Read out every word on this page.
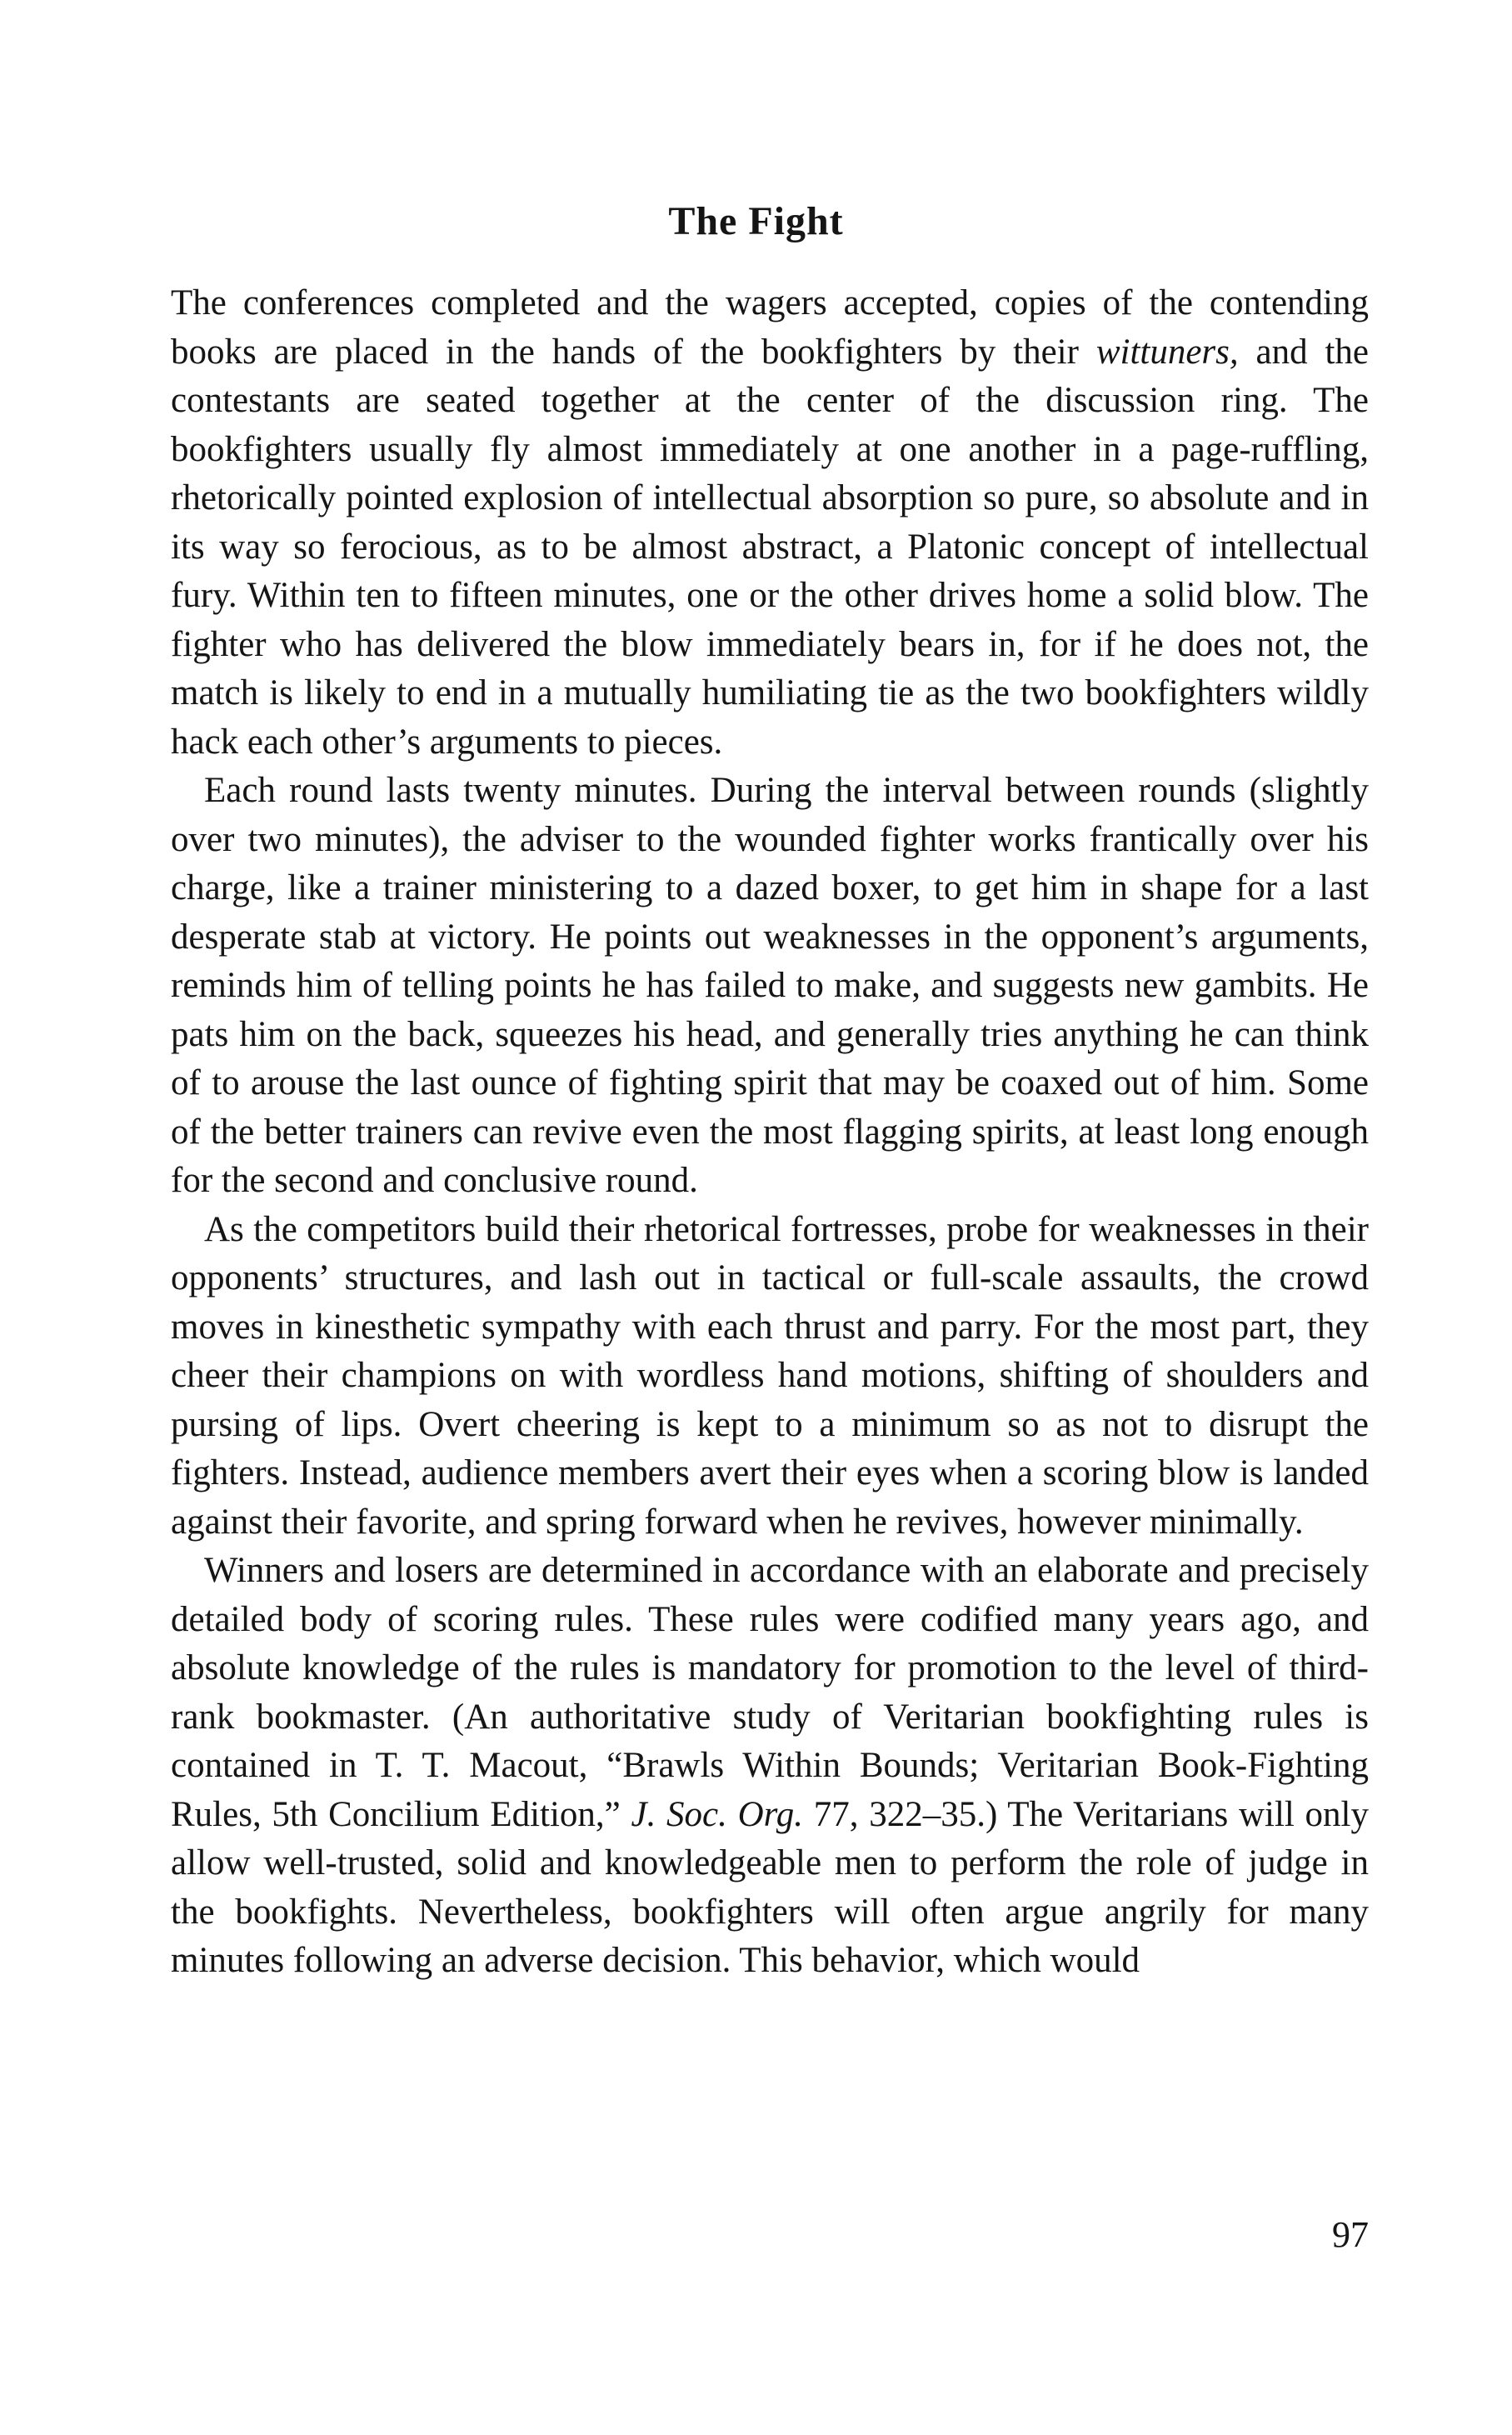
The Fight

The conferences completed and the wagers accepted, copies of the contending books are placed in the hands of the bookfighters by their wittuners, and the contestants are seated together at the center of the discussion ring. The bookfighters usually fly almost immediately at one another in a page-ruffling, rhetorically pointed explosion of intellectual absorption so pure, so absolute and in its way so ferocious, as to be almost abstract, a Platonic concept of intellectual fury. Within ten to fifteen minutes, one or the other drives home a solid blow. The fighter who has delivered the blow immediately bears in, for if he does not, the match is likely to end in a mutually humiliating tie as the two bookfighters wildly hack each other’s arguments to pieces.

Each round lasts twenty minutes. During the interval between rounds (slightly over two minutes), the adviser to the wounded fighter works frantically over his charge, like a trainer ministering to a dazed boxer, to get him in shape for a last desperate stab at victory. He points out weaknesses in the opponent’s arguments, reminds him of telling points he has failed to make, and suggests new gambits. He pats him on the back, squeezes his head, and generally tries anything he can think of to arouse the last ounce of fighting spirit that may be coaxed out of him. Some of the better trainers can revive even the most flagging spirits, at least long enough for the second and conclusive round.

As the competitors build their rhetorical fortresses, probe for weaknesses in their opponents’ structures, and lash out in tactical or full-scale assaults, the crowd moves in kinesthetic sympathy with each thrust and parry. For the most part, they cheer their champions on with wordless hand motions, shifting of shoulders and pursing of lips. Overt cheering is kept to a minimum so as not to disrupt the fighters. Instead, audience members avert their eyes when a scoring blow is landed against their favorite, and spring forward when he revives, however minimally.

Winners and losers are determined in accordance with an elaborate and precisely detailed body of scoring rules. These rules were codified many years ago, and absolute knowledge of the rules is mandatory for promotion to the level of third-rank bookmaster. (An authoritative study of Veritarian bookfighting rules is contained in T. T. Macout, “Brawls Within Bounds; Veritarian Book-Fighting Rules, 5th Concilium Edition,” J. Soc. Org. 77, 322–35.) The Veritarians will only allow well-trusted, solid and knowledgeable men to perform the role of judge in the bookfights. Nevertheless, bookfighters will often argue angrily for many minutes following an adverse decision. This behavior, which would

97
